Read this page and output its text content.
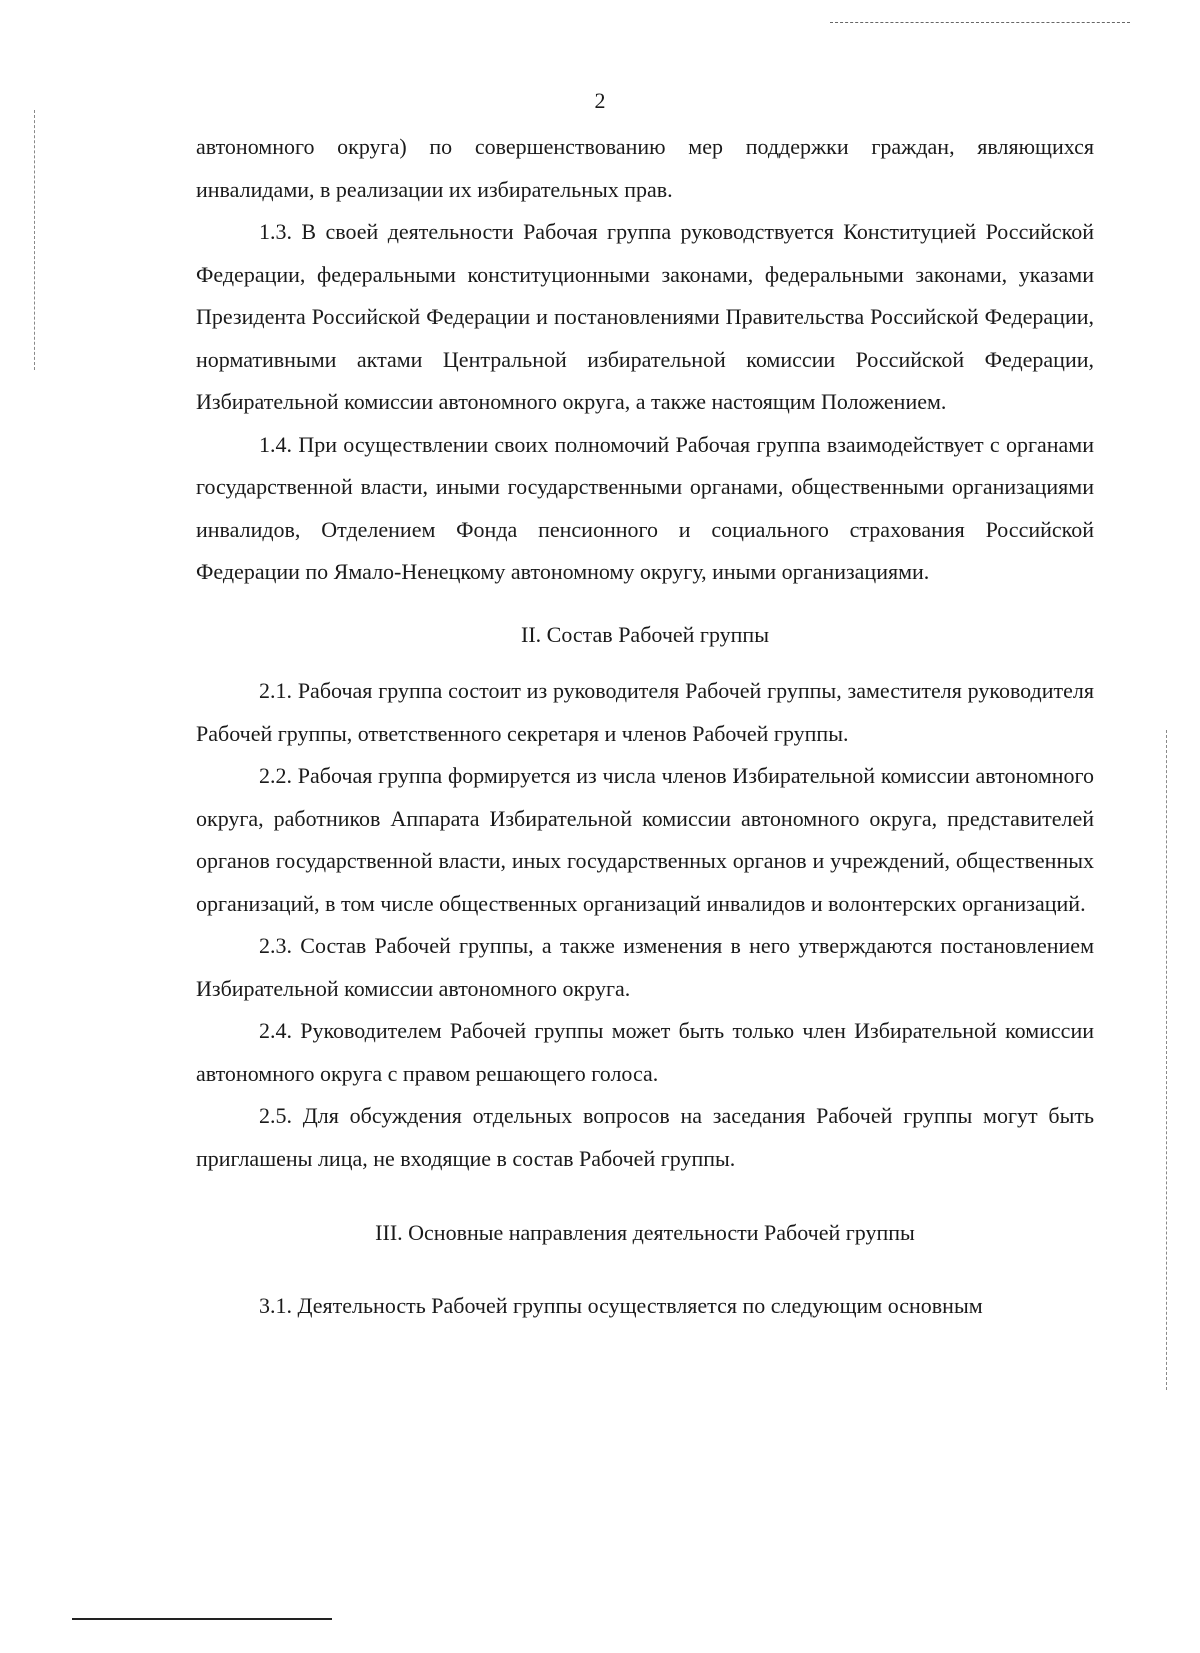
2

автономного округа) по совершенствованию мер поддержки граждан, являющихся инвалидами, в реализации их избирательных прав.

1.3. В своей деятельности Рабочая группа руководствуется Конституцией Российской Федерации, федеральными конституционными законами, федеральными законами, указами Президента Российской Федерации и постановлениями Правительства Российской Федерации, нормативными актами Центральной избирательной комиссии Российской Федерации, Избирательной комиссии автономного округа, а также настоящим Положением.

1.4. При осуществлении своих полномочий Рабочая группа взаимодействует с органами государственной власти, иными государственными органами, общественными организациями инвалидов, Отделением Фонда пенсионного и социального страхования Российской Федерации по Ямало-Ненецкому автономному округу, иными организациями.

II. Состав Рабочей группы

2.1. Рабочая группа состоит из руководителя Рабочей группы, заместителя руководителя Рабочей группы, ответственного секретаря и членов Рабочей группы.

2.2. Рабочая группа формируется из числа членов Избирательной комиссии автономного округа, работников Аппарата Избирательной комиссии автономного округа, представителей органов государственной власти, иных государственных органов и учреждений, общественных организаций, в том числе общественных организаций инвалидов и волонтерских организаций.

2.3. Состав Рабочей группы, а также изменения в него утверждаются постановлением Избирательной комиссии автономного округа.

2.4. Руководителем Рабочей группы может быть только член Избирательной комиссии автономного округа с правом решающего голоса.

2.5. Для обсуждения отдельных вопросов на заседания Рабочей группы могут быть приглашены лица, не входящие в состав Рабочей группы.

III. Основные направления деятельности Рабочей группы

3.1. Деятельность Рабочей группы осуществляется по следующим основным
